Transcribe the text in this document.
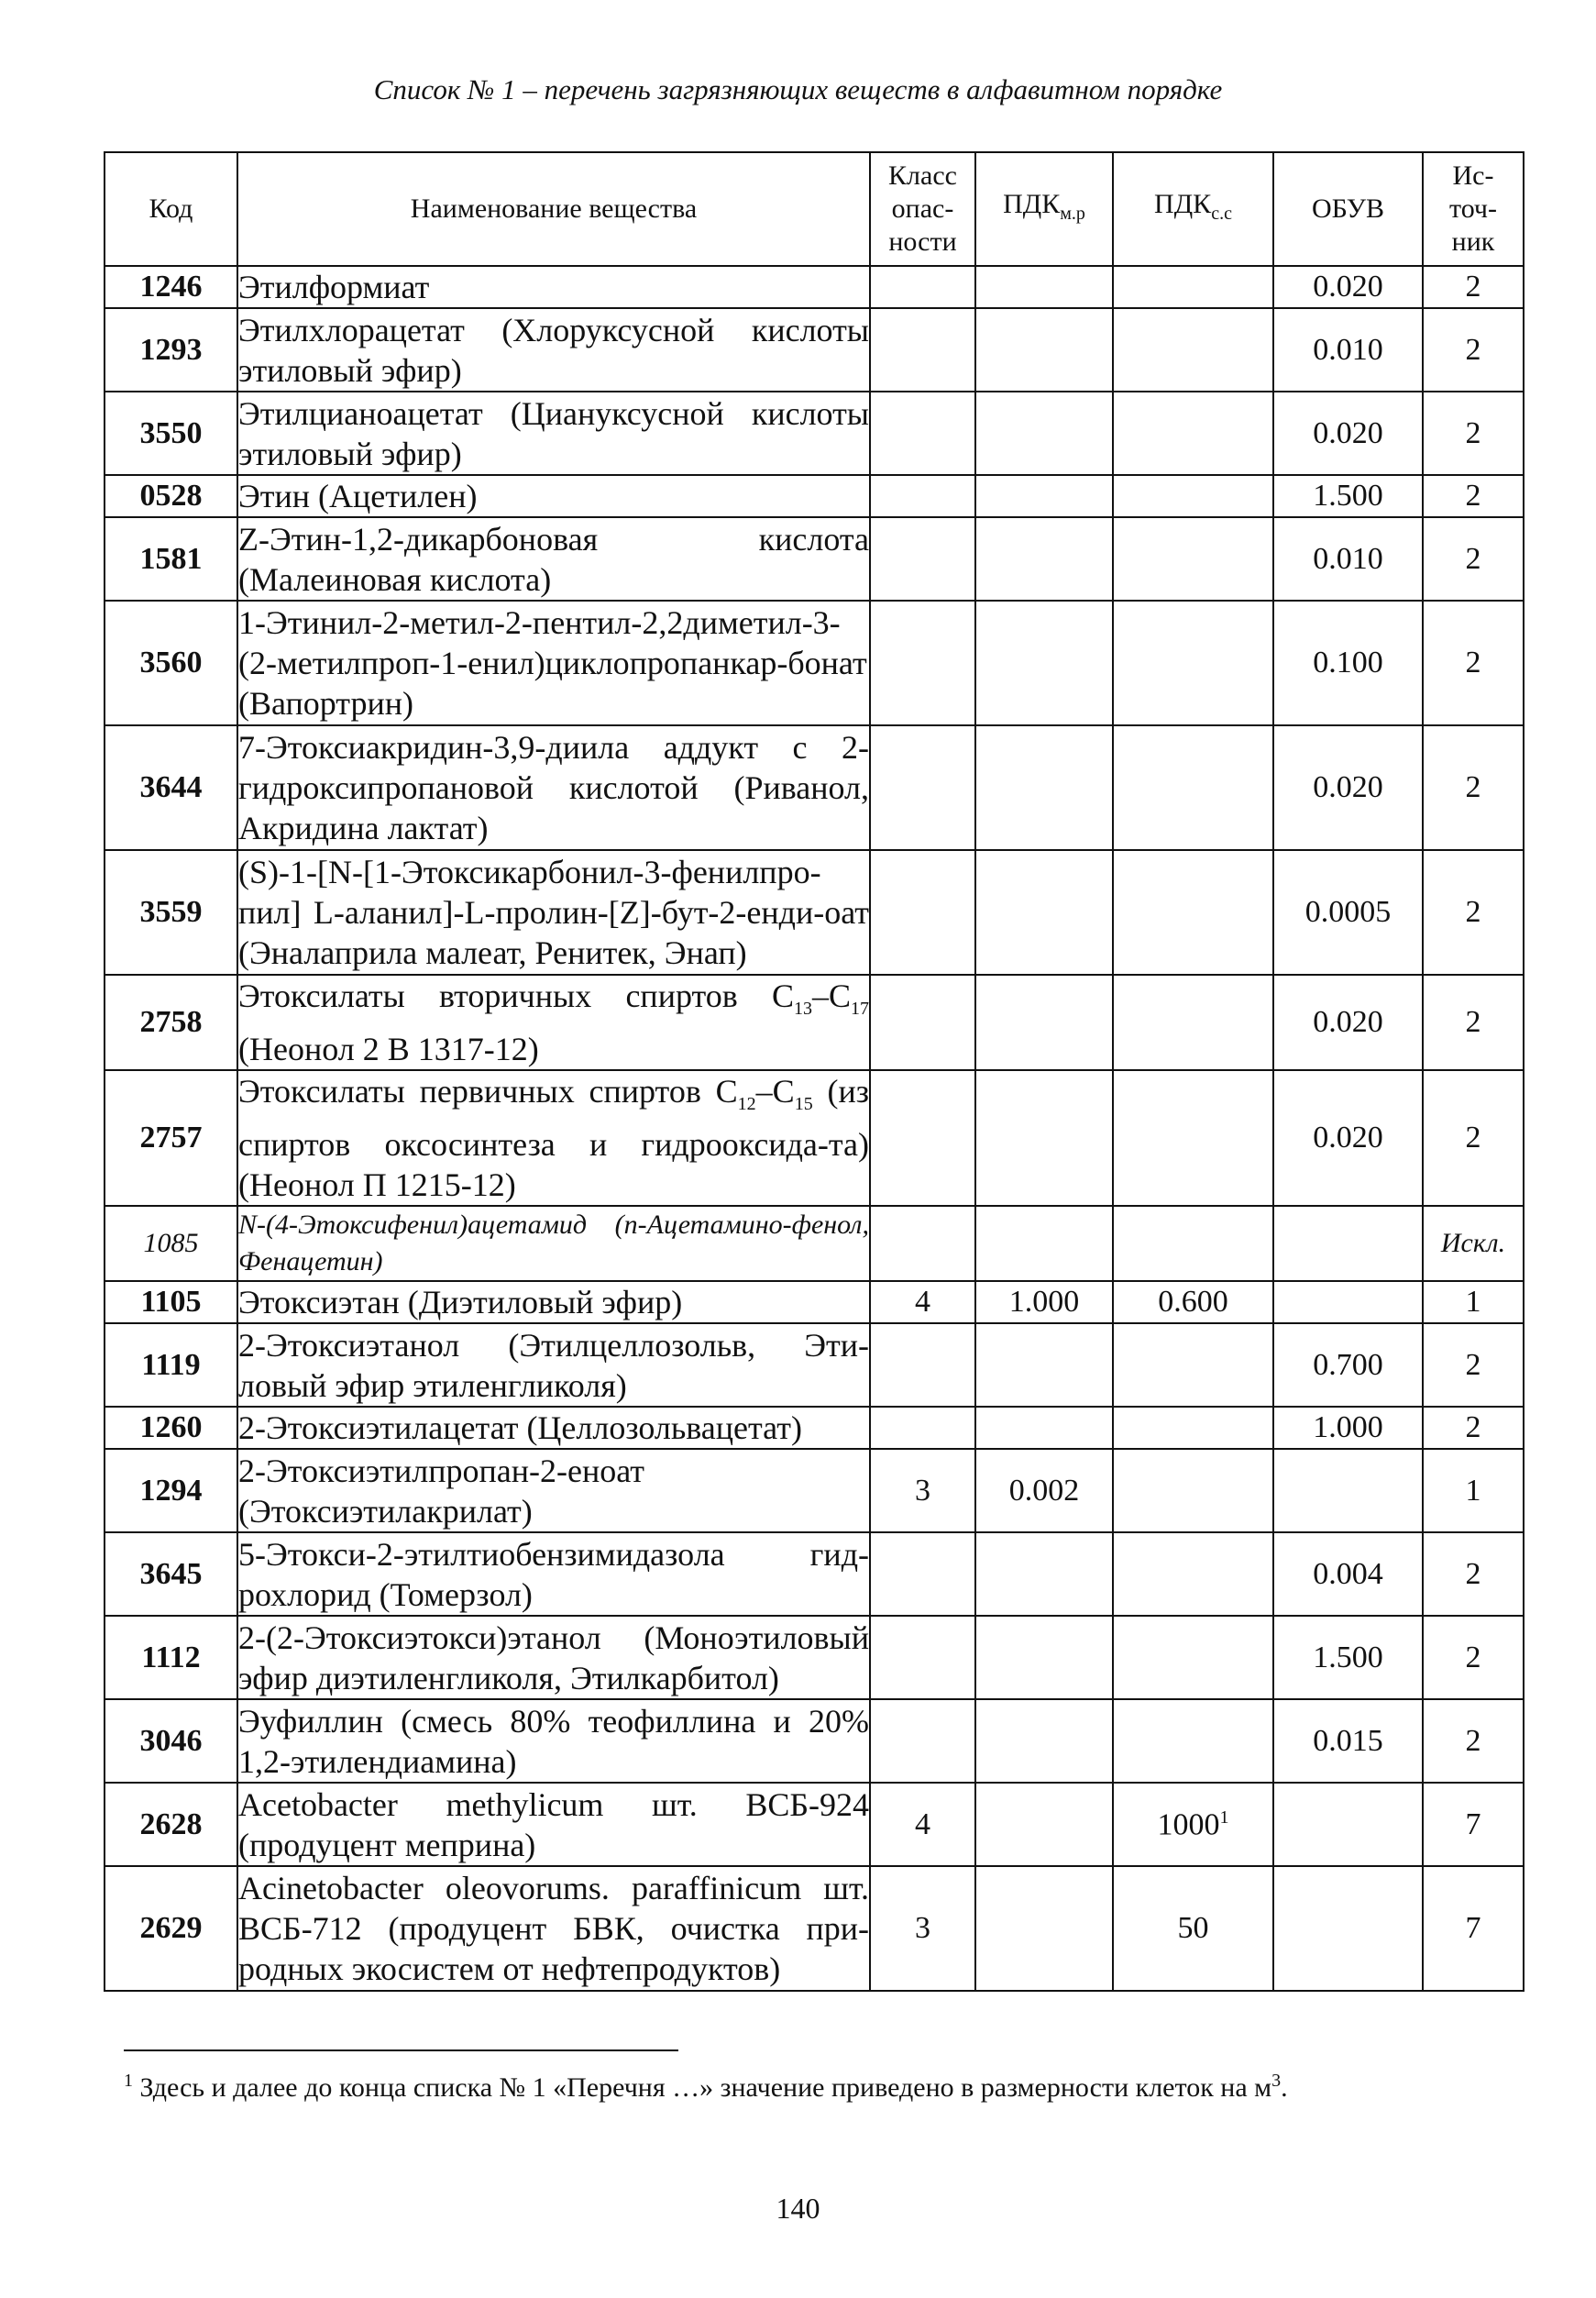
Список № 1 – перечень загрязняющих веществ в алфавитном порядке
Код	Наименование вещества	Класс опас-ности	$ПДК_{м.р}$	$ПДК_{с.с}$	ОБУВ	Ис-точ-ник
1246	Этилформиат				0.020	2
1293	Этилхлорацетат (Хлоруксусной кислоты этиловый эфир)				0.010	2
3550	Этилцианоацетат (Циануксусной кислоты этиловый эфир)				0.020	2
0528	Этин (Ацетилен)				1.500	2
1581	Z-Этин-1,2-дикарбоновая кислота (Малеиновая кислота)				0.010	2
3560	1-Этинил-2-метил-2-пентил-2,2диметил-3-(2-метилпроп-1-енил)циклопропанкар-бонат (Вапортрин)				0.100	2
3644	7-Этоксиакридин-3,9-диила аддукт с 2-гидроксипропановой кислотой (Риванол, Акридина лактат)				0.020	2
3559	(S)-1-[N-[1-Этоксикарбонил-3-фенилпро-пил] L-аланил]-L-пролин-[Z]-бут-2-енди-оат (Эналаприла малеат, Ренитек, Энап)				0.0005	2
2758	Этоксилаты вторичных спиртов $C_{13}-C_{17}$ (Неонол 2 В 1317-12)				0.020	2
2757	Этоксилаты первичных спиртов $C_{12}-C_{15}$ (из спиртов оксосинтеза и гидрооксида-та) (Неонол П 1215-12)				0.020	2
1085	N-(4-Этоксифенил)ацетамид (п-Ацетамино-фенол, Фенацетин)					Искл.
1105	Этоксиэтан (Диэтиловый эфир)	4	1.000	0.600		1
1119	2-Этоксиэтанол (Этилцеллозольв, Эти-ловый эфир этиленгликоля)				0.700	2
1260	2-Этоксиэтилацетат (Целлозольвацетат)				1.000	2
1294	2-Этоксиэтилпропан-2-еноат (Этоксиэтилакрилат)	3	0.002			1
3645	5-Этокси-2-этилтиобензимидазола гид-рохлорид (Томерзол)				0.004	2
1112	2-(2-Этоксиэтокси)этанол (Моноэтиловый эфир диэтиленгликоля, Этилкарбитол)				1.500	2
3046	Эуфиллин (смесь 80% теофиллина и 20% 1,2-этилендиамина)				0.015	2
2628	Acetobacter methylicum шт. ВСБ-924 (продуцент меприна)	4		1000$^1$		7
2629	Acinetobacter oleovorums. paraffinicum шт. ВСБ-712 (продуцент БВК, очистка при-родных экосистем от нефтепродуктов)	3		50		7
$^1$ Здесь и далее до конца списка № 1 «Перечня …» значение приведено в размерности клеток на $м^3$.
140
